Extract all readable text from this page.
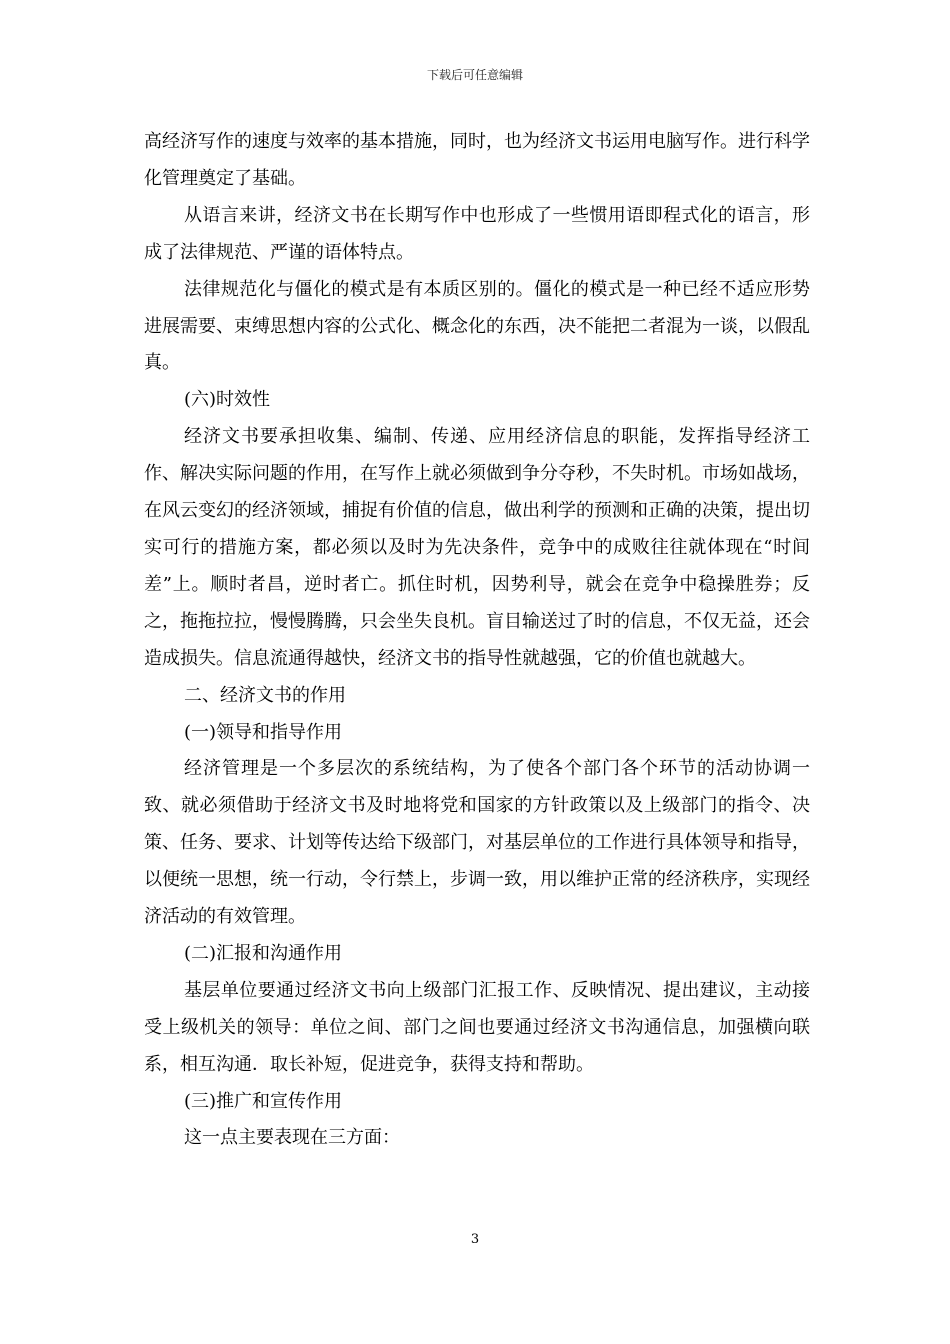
下载后可任意编辑

高经济写作的速度与效率的基本措施，同时，也为经济文书运用电脑写作。进行科学化管理奠定了基础。

从语言来讲，经济文书在长期写作中也形成了一些惯用语即程式化的语言，形成了法律规范、严谨的语体特点。

法律规范化与僵化的模式是有本质区别的。僵化的模式是一种已经不适应形势进展需要、束缚思想内容的公式化、概念化的东西，决不能把二者混为一谈，以假乱真。

(六)时效性

经济文书要承担收集、编制、传递、应用经济信息的职能，发挥指导经济工作、解决实际问题的作用，在写作上就必须做到争分夺秒，不失时机。市场如战场，在风云变幻的经济领域，捕捉有价值的信息，做出利学的预测和正确的决策，提出切实可行的措施方案，都必须以及时为先决条件，竞争中的成败往往就体现在“时间差”上。顺时者昌，逆时者亡。抓住时机，因势利导，就会在竞争中稳操胜券；反之，拖拖拉拉，慢慢腾腾，只会坐失良机。盲目输送过了时的信息，不仅无益，还会造成损失。信息流通得越快，经济文书的指导性就越强，它的价值也就越大。

二、经济文书的作用

(一)领导和指导作用

经济管理是一个多层次的系统结构，为了使各个部门各个环节的活动协调一致、就必须借助于经济文书及时地将党和国家的方针政策以及上级部门的指令、决策、任务、要求、计划等传达给下级部门，对基层单位的工作进行具体领导和指导，以便统一思想，统一行动，令行禁上，步调一致，用以维护正常的经济秩序，实现经济活动的有效管理。

(二)汇报和沟通作用

基层单位要通过经济文书向上级部门汇报工作、反映情况、提出建议，主动接受上级机关的领导：单位之间、部门之间也要通过经济文书沟通信息，加强横向联系，相互沟通．取长补短，促进竞争，获得支持和帮助。

(三)推广和宣传作用

这一点主要表现在三方面：

3
